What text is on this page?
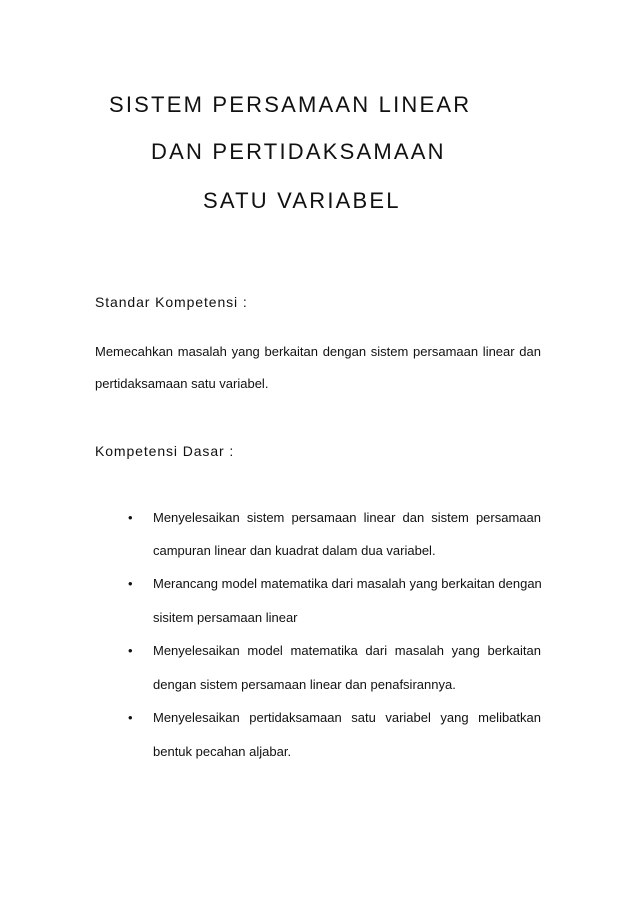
SISTEM PERSAMAAN LINEAR
DAN PERTIDAKSAMAAN
SATU VARIABEL
Standar Kompetensi :
Memecahkan masalah yang berkaitan dengan sistem persamaan linear dan
pertidaksamaan satu variabel.
Kompetensi Dasar :
• Menyelesaikan sistem persamaan linear dan sistem persamaan
campuran linear dan kuadrat dalam dua variabel.
• Merancang model matematika dari masalah yang berkaitan dengan
sisitem persamaan linear
• Menyelesaikan model matematika dari masalah yang berkaitan
dengan sistem persamaan linear dan penafsirannya.
• Menyelesaikan pertidaksamaan satu variabel yang melibatkan
bentuk pecahan aljabar.
